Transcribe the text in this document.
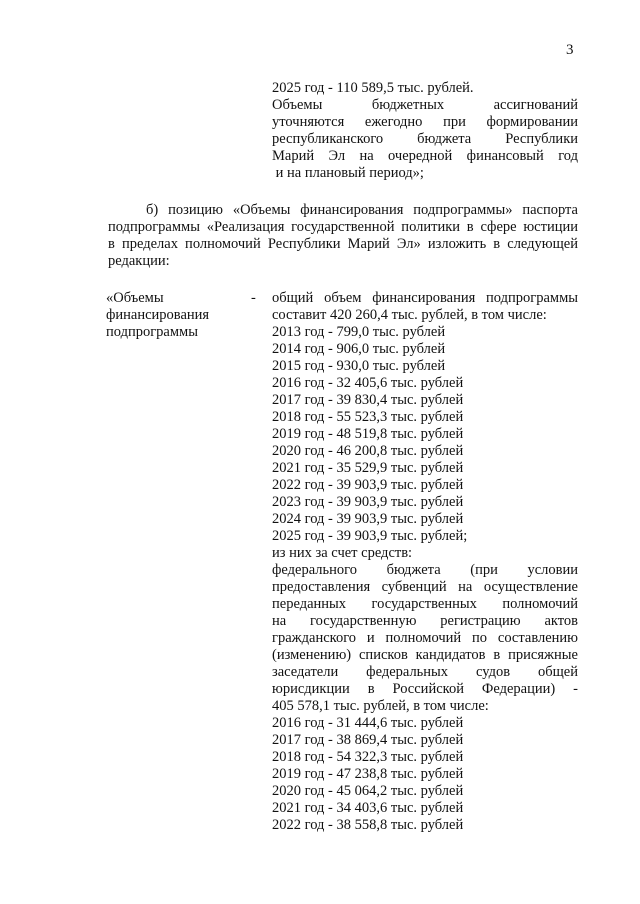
3
2025 год - 110 589,5 тыс. рублей.
Объемы бюджетных ассигнований
уточняются ежегодно при формировании
республиканского бюджета Республики
Марий Эл на очередной финансовый год
и на плановый период»;
б) позицию «Объемы финансирования подпрограммы» паспорта
подпрограммы «Реализация государственной политики в сфере юстиции
в пределах полномочий Республики Марий Эл» изложить в следующей
редакции:
«Объемы
финансирования
подпрограммы
- общий объем финансирования подпрограммы
составит 420 260,4 тыс. рублей, в том числе:
2013 год - 799,0 тыс. рублей
2014 год - 906,0 тыс. рублей
2015 год - 930,0 тыс. рублей
2016 год - 32 405,6 тыс. рублей
2017 год - 39 830,4 тыс. рублей
2018 год - 55 523,3 тыс. рублей
2019 год - 48 519,8 тыс. рублей
2020 год - 46 200,8 тыс. рублей
2021 год - 35 529,9 тыс. рублей
2022 год - 39 903,9 тыс. рублей
2023 год - 39 903,9 тыс. рублей
2024 год - 39 903,9 тыс. рублей
2025 год - 39 903,9 тыс. рублей;
из них за счет средств:
федерального бюджета (при условии
предоставления субвенций на осуществление
переданных государственных полномочий
на государственную регистрацию актов
гражданского и полномочий по составлению
(изменению) списков кандидатов в присяжные
заседатели федеральных судов общей
юрисдикции в Российской Федерации) -
405 578,1 тыс. рублей, в том числе:
2016 год - 31 444,6 тыс. рублей
2017 год - 38 869,4 тыс. рублей
2018 год - 54 322,3 тыс. рублей
2019 год - 47 238,8 тыс. рублей
2020 год - 45 064,2 тыс. рублей
2021 год - 34 403,6 тыс. рублей
2022 год - 38 558,8 тыс. рублей
